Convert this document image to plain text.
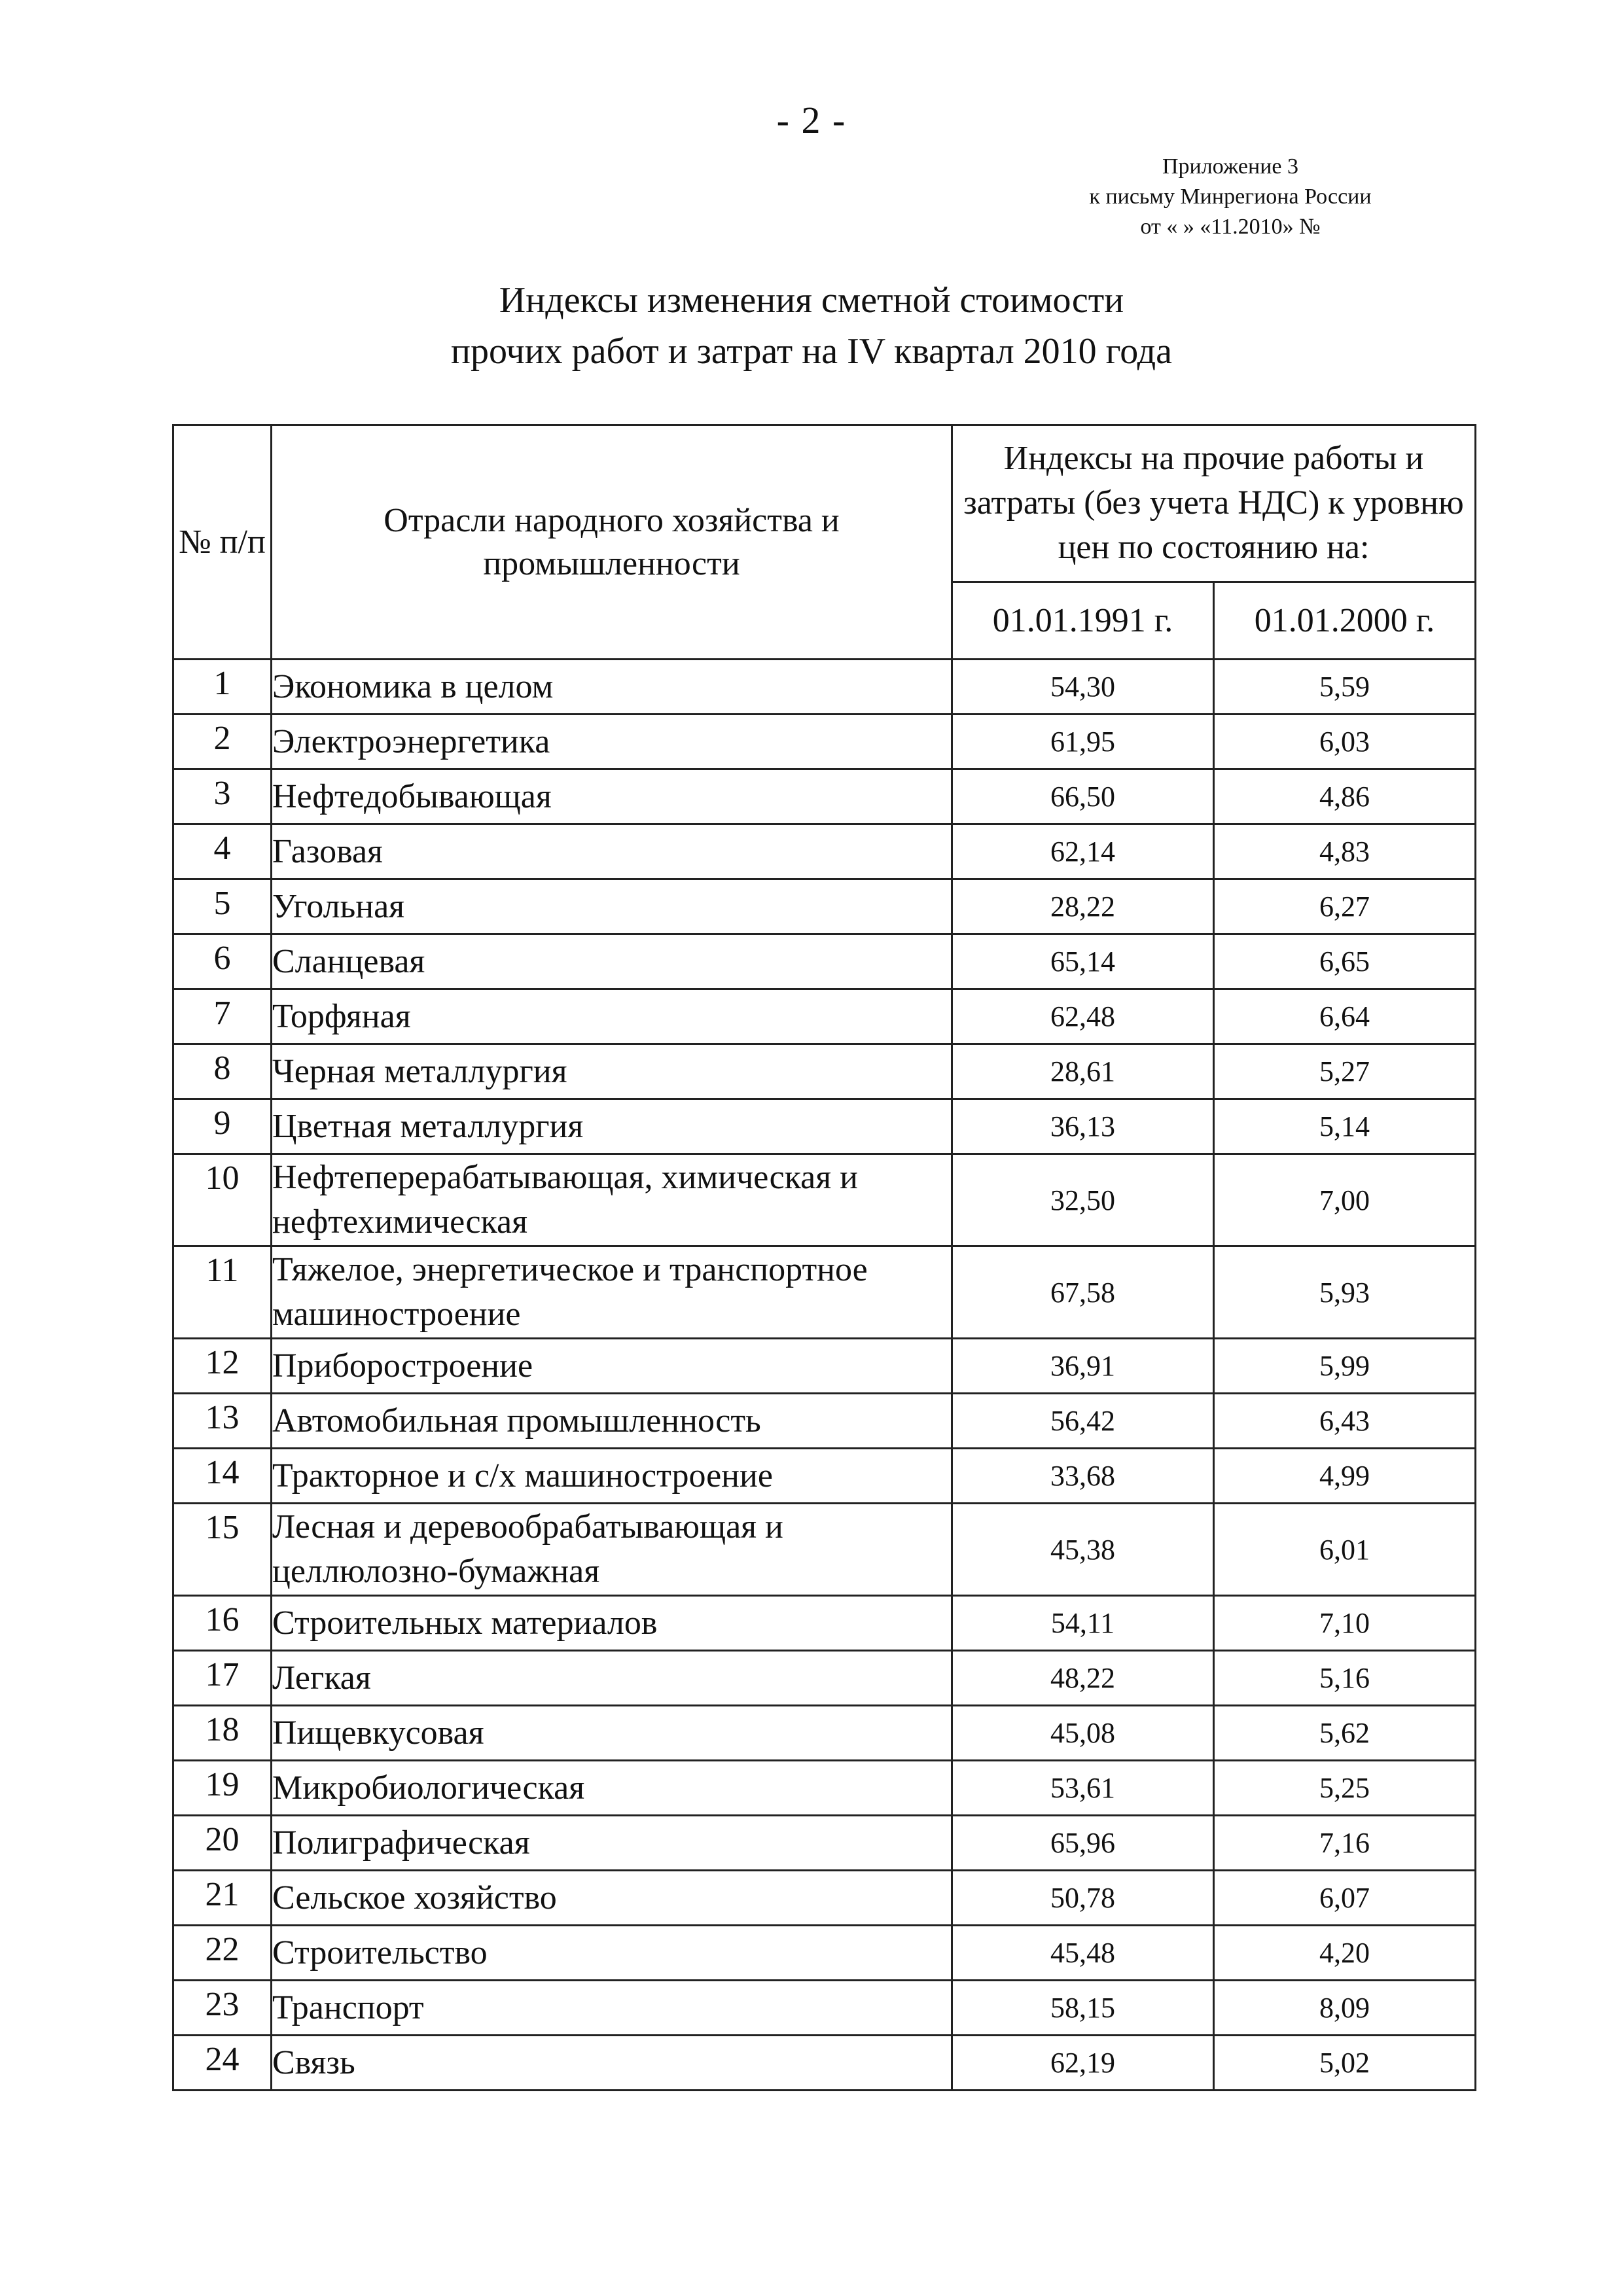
- 2 -
Приложение 3
к письму Минрегиона России
от « » «11.2010» №
Индексы изменения сметной стоимости
прочих работ и затрат на IV квартал 2010 года
№ п/п	Отрасли народного хозяйства и промышленности	Индексы на прочие работы и затраты (без учета НДС) к уровню цен по состоянию на:	
		01.01.1991 г.	01.01.2000 г.
1	Экономика в целом	54,30	5,59
2	Электроэнергетика	61,95	6,03
3	Нефтедобывающая	66,50	4,86
4	Газовая	62,14	4,83
5	Угольная	28,22	6,27
6	Сланцевая	65,14	6,65
7	Торфяная	62,48	6,64
8	Черная металлургия	28,61	5,27
9	Цветная металлургия	36,13	5,14
10	Нефтеперерабатывающая, химическая и нефтехимическая	32,50	7,00
11	Тяжелое, энергетическое и транспортное машиностроение	67,58	5,93
12	Приборостроение	36,91	5,99
13	Автомобильная промышленность	56,42	6,43
14	Тракторное и с/х машиностроение	33,68	4,99
15	Лесная и деревообрабатывающая и целлюлозно-бумажная	45,38	6,01
16	Строительных материалов	54,11	7,10
17	Легкая	48,22	5,16
18	Пищевкусовая	45,08	5,62
19	Микробиологическая	53,61	5,25
20	Полиграфическая	65,96	7,16
21	Сельское хозяйство	50,78	6,07
22	Строительство	45,48	4,20
23	Транспорт	58,15	8,09
24	Связь	62,19	5,02
